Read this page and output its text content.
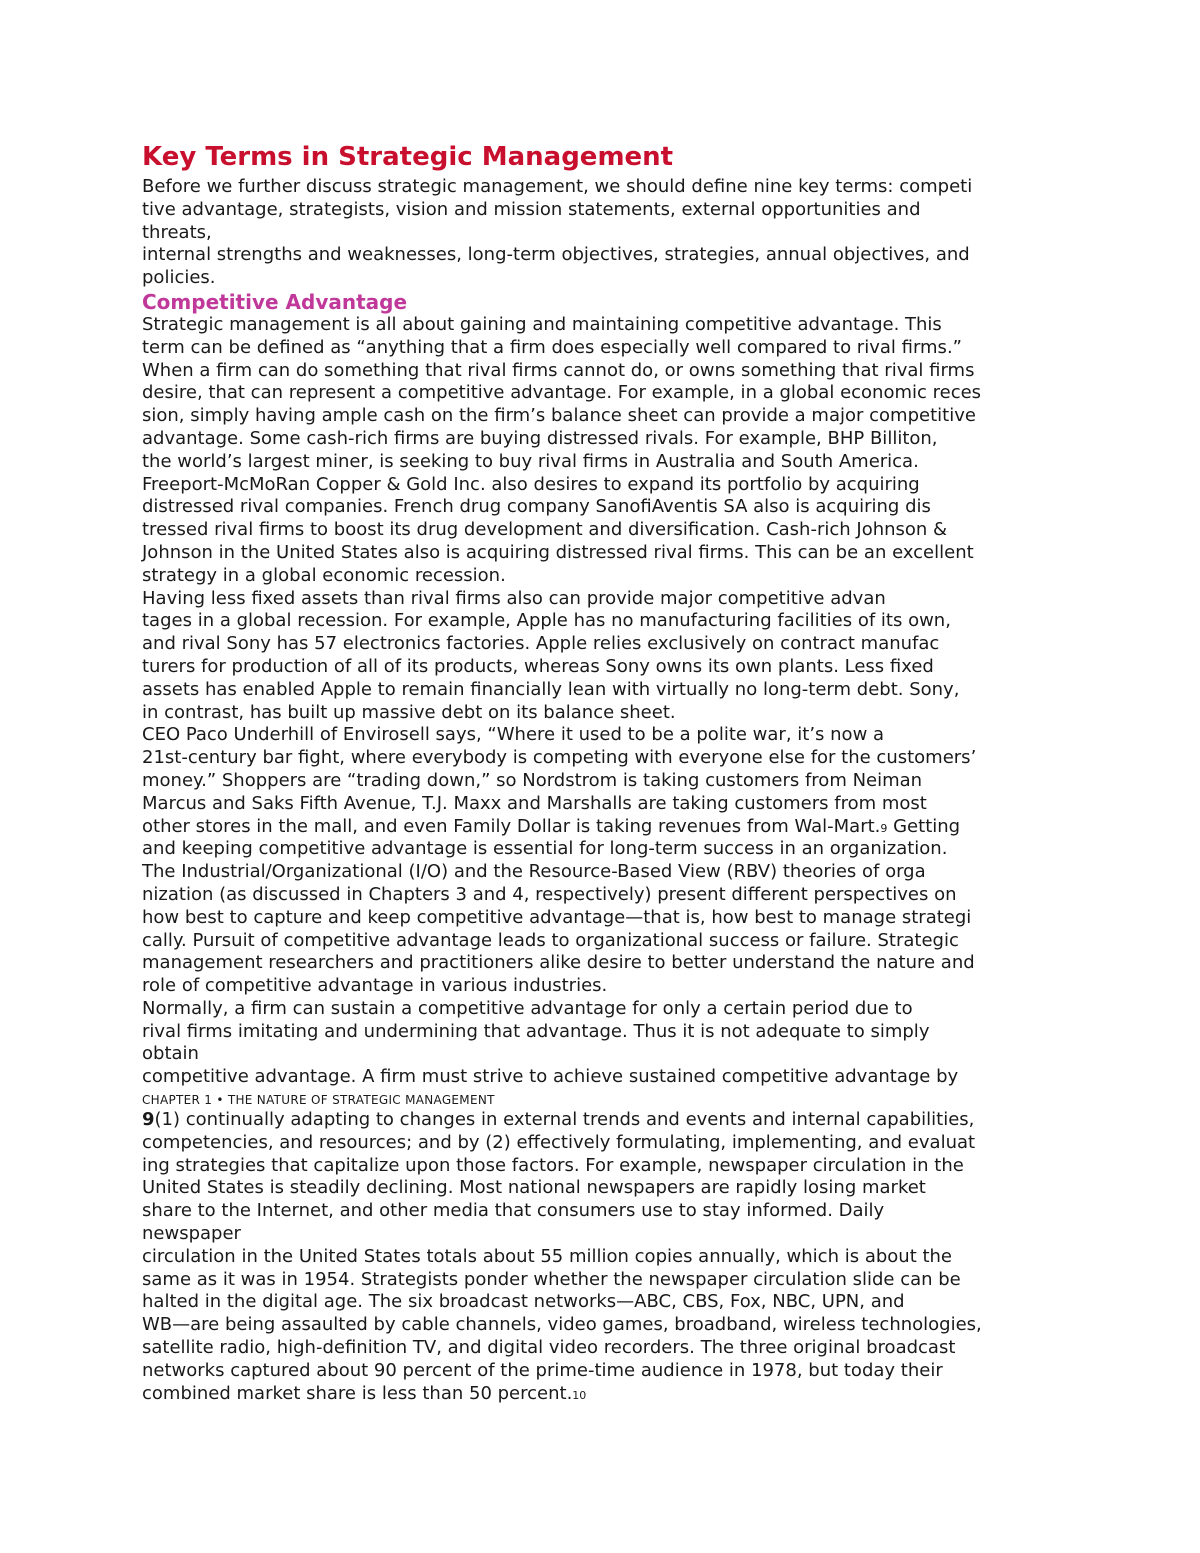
Key Terms in Strategic Management
Before we further discuss strategic management, we should define nine key terms: competi
tive advantage, strategists, vision and mission statements, external opportunities and
threats,
internal strengths and weaknesses, long-term objectives, strategies, annual objectives, and
policies.
Competitive Advantage
Strategic management is all about gaining and maintaining competitive advantage. This
term can be defined as “anything that a firm does especially well compared to rival firms.”
When a firm can do something that rival firms cannot do, or owns something that rival firms
desire, that can represent a competitive advantage. For example, in a global economic reces
sion, simply having ample cash on the firm’s balance sheet can provide a major competitive
advantage. Some cash-rich firms are buying distressed rivals. For example, BHP Billiton,
the world’s largest miner, is seeking to buy rival firms in Australia and South America.
Freeport-McMoRan Copper & Gold Inc. also desires to expand its portfolio by acquiring
distressed rival companies. French drug company SanofiAventis SA also is acquiring dis
tressed rival firms to boost its drug development and diversification. Cash-rich Johnson &
Johnson in the United States also is acquiring distressed rival firms. This can be an excellent
strategy in a global economic recession.
Having less fixed assets than rival firms also can provide major competitive advan
tages in a global recession. For example, Apple has no manufacturing facilities of its own,
and rival Sony has 57 electronics factories. Apple relies exclusively on contract manufac
turers for production of all of its products, whereas Sony owns its own plants. Less fixed
assets has enabled Apple to remain financially lean with virtually no long-term debt. Sony,
in contrast, has built up massive debt on its balance sheet.
CEO Paco Underhill of Envirosell says, “Where it used to be a polite war, it’s now a
21st-century bar fight, where everybody is competing with everyone else for the customers’
money.” Shoppers are “trading down,” so Nordstrom is taking customers from Neiman
Marcus and Saks Fifth Avenue, T.J. Maxx and Marshalls are taking customers from most
other stores in the mall, and even Family Dollar is taking revenues from Wal-Mart.9 Getting
and keeping competitive advantage is essential for long-term success in an organization.
The Industrial/Organizational (I/O) and the Resource-Based View (RBV) theories of orga
nization (as discussed in Chapters 3 and 4, respectively) present different perspectives on
how best to capture and keep competitive advantage—that is, how best to manage strategi
cally. Pursuit of competitive advantage leads to organizational success or failure. Strategic
management researchers and practitioners alike desire to better understand the nature and
role of competitive advantage in various industries.
Normally, a firm can sustain a competitive advantage for only a certain period due to
rival firms imitating and undermining that advantage. Thus it is not adequate to simply
obtain
competitive advantage. A firm must strive to achieve sustained competitive advantage by
CHAPTER 1 • THE NATURE OF STRATEGIC MANAGEMENT
9(1) continually adapting to changes in external trends and events and internal capabilities,
competencies, and resources; and by (2) effectively formulating, implementing, and evaluat
ing strategies that capitalize upon those factors. For example, newspaper circulation in the
United States is steadily declining. Most national newspapers are rapidly losing market
share to the Internet, and other media that consumers use to stay informed. Daily
newspaper
circulation in the United States totals about 55 million copies annually, which is about the
same as it was in 1954. Strategists ponder whether the newspaper circulation slide can be
halted in the digital age. The six broadcast networks—ABC, CBS, Fox, NBC, UPN, and
WB—are being assaulted by cable channels, video games, broadband, wireless technologies,
satellite radio, high-definition TV, and digital video recorders. The three original broadcast
networks captured about 90 percent of the prime-time audience in 1978, but today their
combined market share is less than 50 percent.10
